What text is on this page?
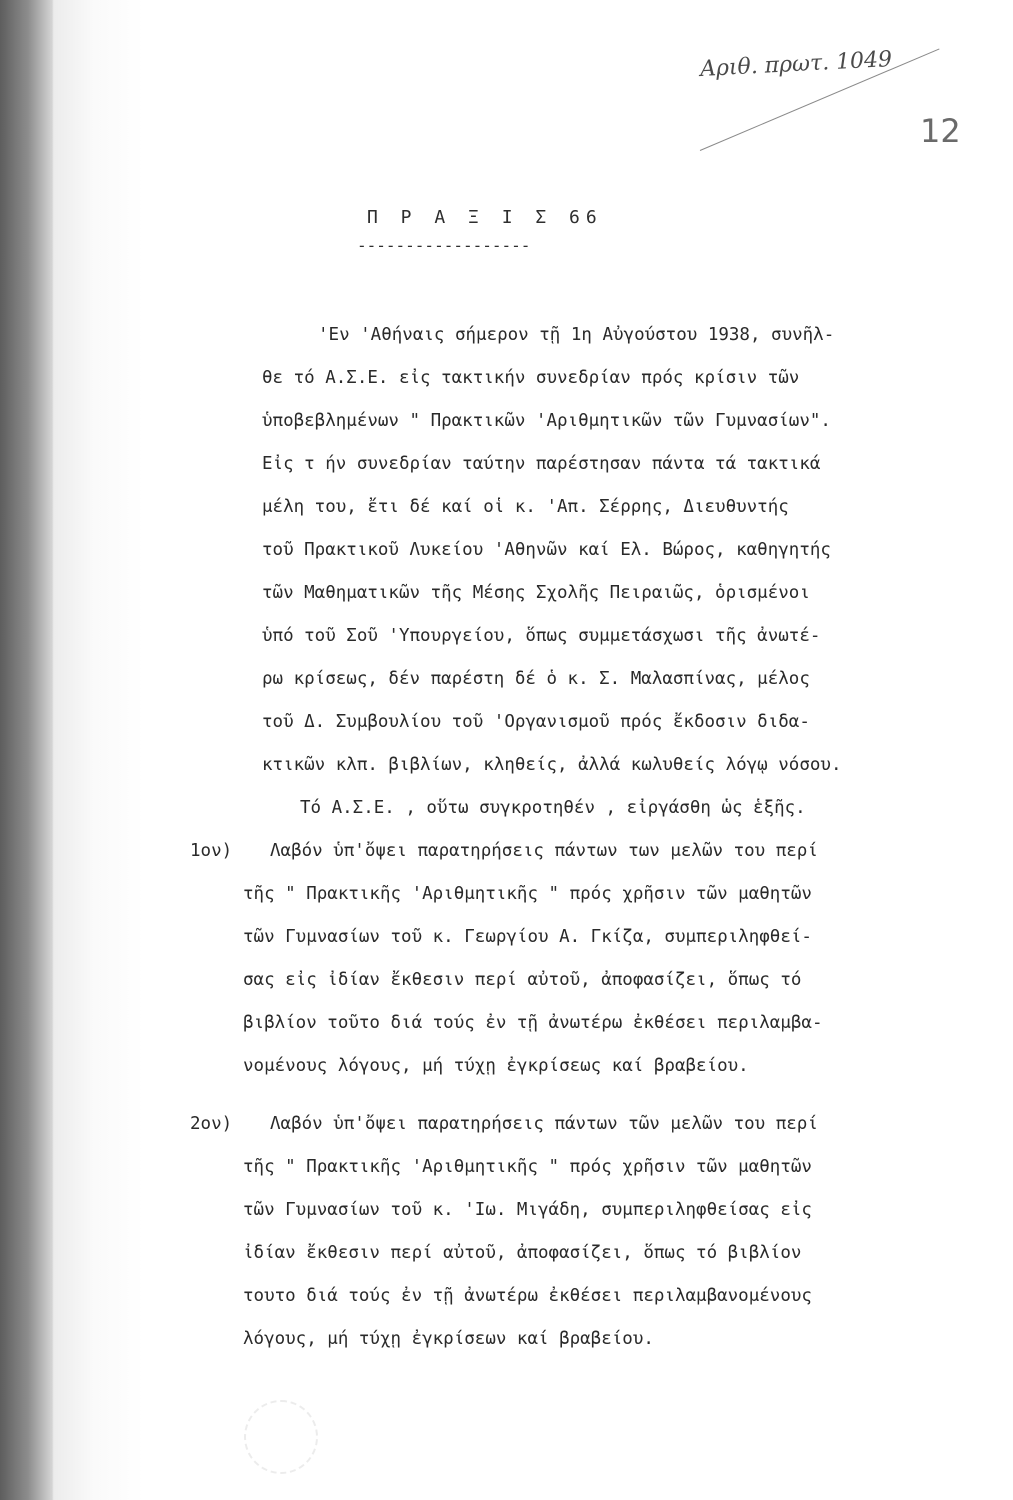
Αριθ. πρωτ. 1049
12
Π Ρ Α Ξ Ι Σ 66
------------------
'Εν 'Αθήναις σήμερον τῇ 1η Αὐγούστου 1938, συνῆλ-
θε τό Α.Σ.Ε. εἰς τακτικήν συνεδρίαν πρός κρίσιν τῶν
ὑποβεβλημένων " Πρακτικῶν 'Αριθμητικῶν τῶν Γυμνασίων".
Εἰς τ ήν συνεδρίαν ταύτην παρέστησαν πάντα τά τακτικά
μέλη του, ἔτι δέ καί οἱ κ. 'Απ. Σέρρης, Διευθυντής
τοῦ Πρακτικοῦ Λυκείου 'Αθηνῶν καί Ελ. Βώρος, καθηγητής
τῶν Μαθηματικῶν τῆς Μέσης Σχολῆς Πειραιῶς, ὁρισμένοι
ὑπό τοῦ Σοῦ 'Υπουργείου, ὅπως συμμετάσχωσι τῆς ἀνωτέ-
ρω κρίσεως, δέν παρέστη δέ ὁ κ. Σ. Μαλασπίνας, μέλος
τοῦ Δ. Συμβουλίου τοῦ 'Οργανισμοῦ πρός ἔκδοσιν διδα-
κτικῶν κλπ. βιβλίων, κληθείς, ἀλλά κωλυθείς λόγῳ νόσου.
Τό Α.Σ.Ε. , οὕτω συγκροτηθέν , εἰργάσθη ὡς ἑξῆς.
1ον) Λαβόν ὑπ'ὄψει παρατηρήσεις πάντων των μελῶν του περί
τῆς " Πρακτικῆς 'Αριθμητικῆς " πρός χρῆσιν τῶν μαθητῶν
τῶν Γυμνασίων τοῦ κ. Γεωργίου Α. Γκίζα, συμπεριληφθεί-
σας εἰς ἰδίαν ἔκθεσιν περί αὐτοῦ, ἀποφασίζει, ὅπως τό
βιβλίον τοῦτο διά τούς ἐν τῇ ἀνωτέρω ἐκθέσει περιλαμβα-
νομένους λόγους, μή τύχῃ ἐγκρίσεως καί βραβείου.
2ον) Λαβόν ὑπ'ὄψει παρατηρήσεις πάντων τῶν μελῶν του περί
τῆς " Πρακτικῆς 'Αριθμητικῆς " πρός χρῆσιν τῶν μαθητῶν
τῶν Γυμνασίων τοῦ κ. 'Ιω. Μιγάδη, συμπεριληφθείσας εἰς
ἰδίαν ἔκθεσιν περί αὐτοῦ, ἀποφασίζει, ὅπως τό βιβλίον
τουτο διά τούς ἐν τῇ ἀνωτέρω ἐκθέσει περιλαμβανομένους
λόγους, μή τύχῃ ἐγκρίσεων καί βραβείου.
